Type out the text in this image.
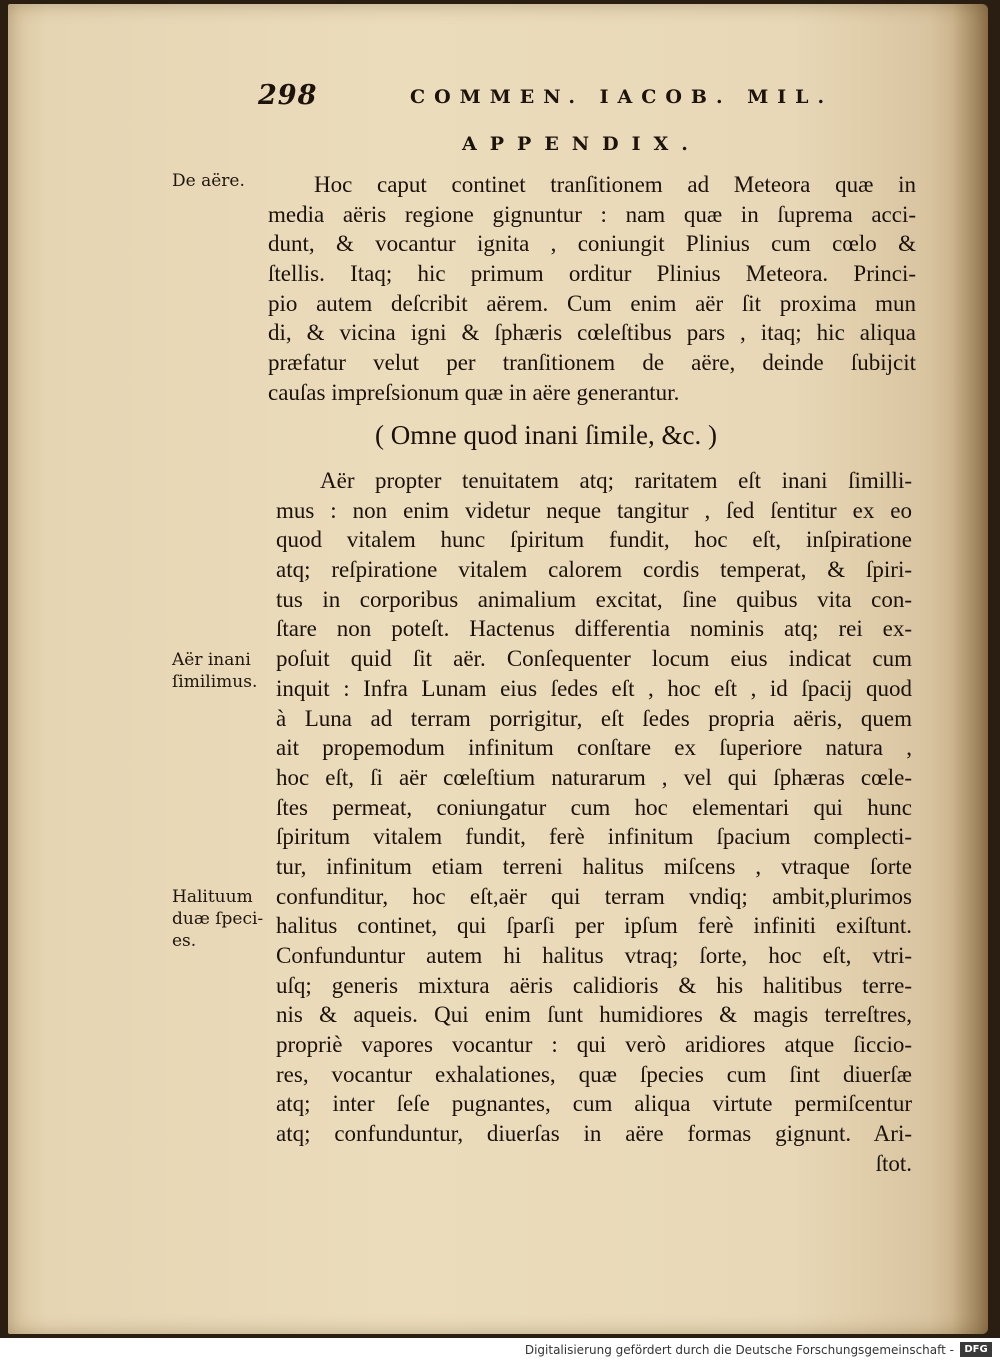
298	COMMEN. IACOB. MIL.
APPENDIX.
De aëre.
Aër inani
ſimilimus.
Halituum
duæ ſpeci-
es.
Hoc caput continet tranſitionem ad Meteora quæ in
media aëris regione gignuntur : nam quæ in ſuprema acci-
dunt, & vocantur ignita , coniungit Plinius cum cœlo &
ſtellis. Itaq; hic primum orditur Plinius Meteora. Princi-
pio autem deſcribit aërem. Cum enim aër ſit proxima mun
di, & vicina igni & ſphæris cœleſtibus pars , itaq; hic aliqua
præfatur velut per tranſitionem de aëre, deinde ſubijcit
cauſas impreſsionum quæ in aëre generantur.
( Omne quod inani ſimile, &c. )
Aër propter tenuitatem atq; raritatem eſt inani ſimilli-
mus : non enim videtur neque tangitur , ſed ſentitur ex eo
quod vitalem hunc ſpiritum fundit, hoc eſt, inſpiratione
atq; reſpiratione vitalem calorem cordis temperat, & ſpiri-
tus in corporibus animalium excitat, ſine quibus vita con-
ſtare non poteſt. Hactenus differentia nominis atq; rei ex-
poſuit quid ſit aër. Conſequenter locum eius indicat cum
inquit : Infra Lunam eius ſedes eſt , hoc eſt , id ſpacij quod
à Luna ad terram porrigitur, eſt ſedes propria aëris, quem
ait propemodum infinitum conſtare ex ſuperiore natura ,
hoc eſt, ſi aër cœleſtium naturarum , vel qui ſphæras cœle-
ſtes permeat, coniungatur cum hoc elementari qui hunc
ſpiritum vitalem fundit, ferè infinitum ſpacium complecti-
tur, infinitum etiam terreni halitus miſcens , vtraque ſorte
confunditur, hoc eſt,aër qui terram vndiq; ambit,plurimos
halitus continet, qui ſparſi per ipſum ferè infiniti exiſtunt.
Confunduntur autem hi halitus vtraq; ſorte, hoc eſt, vtri-
uſq; generis mixtura aëris calidioris & his halitibus terre-
nis & aqueis. Qui enim ſunt humidiores & magis terreſtres,
propriè vapores vocantur : qui verò aridiores atque ſiccio-
res, vocantur exhalationes, quæ ſpecies cum ſint diuerſæ
atq; inter ſeſe pugnantes, cum aliqua virtute permiſcentur
atq; confunduntur, diuerſas in aëre formas gignunt. Ari-
ſtot.
Digitalisierung gefördert durch die Deutsche Forschungsgemeinschaft -	DFG
